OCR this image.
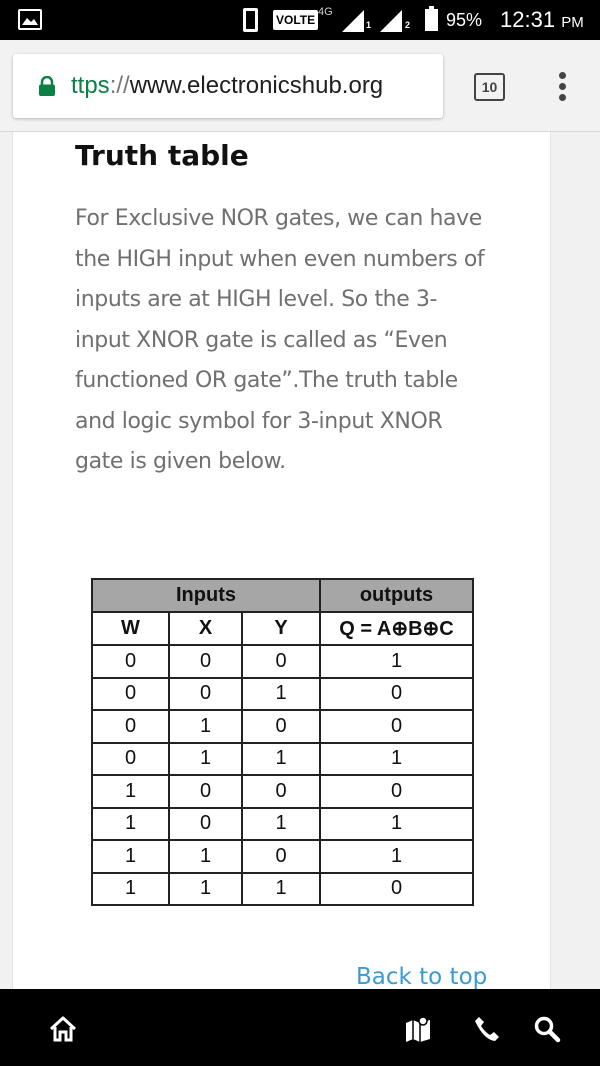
VOLTE
4G
1	2 95% 12:31 PM
ttps://www.electronicshub.org	10
Truth table

For Exclusive NOR gates, we can have the HIGH input when even numbers of inputs are at HIGH level. So the 3-input XNOR gate is called as “Even functioned OR gate”.The truth table and logic symbol for 3-input XNOR gate is given below.

Inputs			outputs
W	X	Y	Q = A⊕B⊕C
0	0	0	1
0	0	1	0
0	1	0	0
0	1	1	1
1	0	0	0
1	0	1	1
1	1	0	1
1	1	1	0
Back to top
